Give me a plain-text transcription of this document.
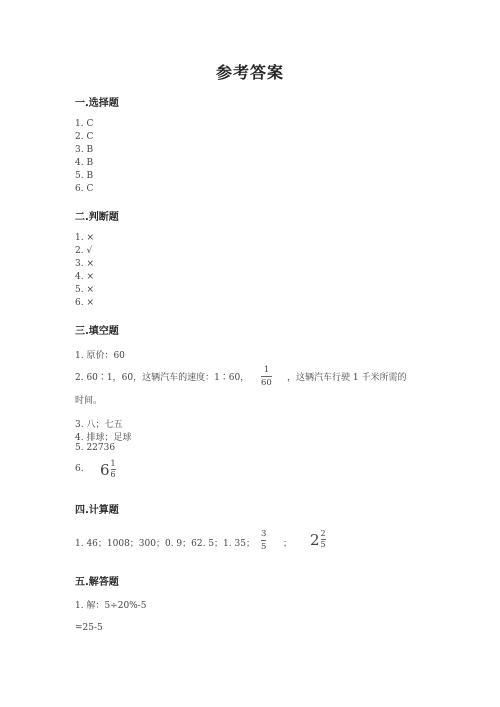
参考答案
一.选择题
1. C
2. C
3. B
4. B
5. B
6. C
二.判断题
1. ×
2. √
3. ×
4. ×
5. ×
6. ×
三.填空题
1. 原价：60
2. 60∶1，60，这辆汽车的速度：1∶60，
1
60 ，这辆汽车行驶 1 千米所需的
时间。
3. 八；七五
4. 排球；足球
5. 22736
6. $6 \frac{1}{6}$
四.计算题
1. 46；1008；300；0. 9；62. 5；1. 35；
3
5 ； $2 \frac{2}{5}$
五.解答题
1. 解：5÷20%-5
=25-5
